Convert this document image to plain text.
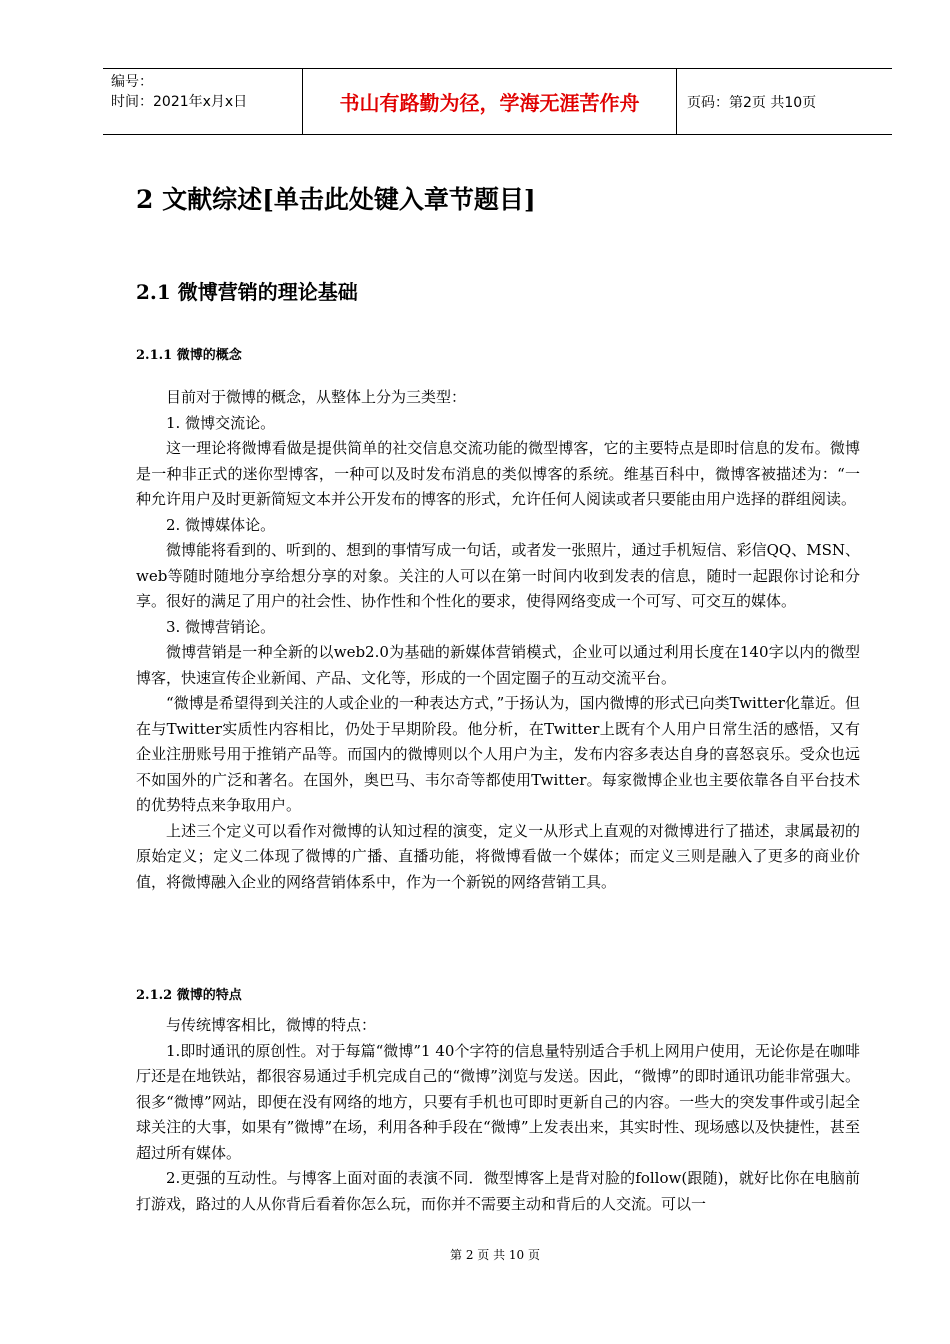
编号：
时间：2021年x月x日	书山有路勤为径，学海无涯苦作舟	页码：第2页 共10页
2 文献综述[单击此处键入章节题目]
2.1 微博营销的理论基础
2.1.1 微博的概念

目前对于微博的概念，从整体上分为三类型：

1. 微博交流论。

这一理论将微博看做是提供简单的社交信息交流功能的微型博客，它的主要特点是即时信息的发布。微博是一种非正式的迷你型博客，一种可以及时发布消息的类似博客的系统。维基百科中，微博客被描述为：“一种允许用户及时更新简短文本并公开发布的博客的形式，允许任何人阅读或者只要能由用户选择的群组阅读。

2. 微博媒体论。

微博能将看到的、听到的、想到的事情写成一句话，或者发一张照片，通过手机短信、彩信QQ、MSN、web等随时随地分享给想分享的对象。关注的人可以在第一时间内收到发表的信息，随时一起跟你讨论和分享。很好的满足了用户的社会性、协作性和个性化的要求，使得网络变成一个可写、可交互的媒体。

3. 微博营销论。

微博营销是一种全新的以web2.0为基础的新媒体营销模式，企业可以通过利用长度在140字以内的微型博客，快速宣传企业新闻、产品、文化等，形成的一个固定圈子的互动交流平台。

“微博是希望得到关注的人或企业的一种表达方式，”于扬认为，国内微博的形式已向类Twitter化靠近。但在与Twitter实质性内容相比，仍处于早期阶段。他分析，在Twitter上既有个人用户日常生活的感悟，又有企业注册账号用于推销产品等。而国内的微博则以个人用户为主，发布内容多表达自身的喜怒哀乐。受众也远不如国外的广泛和著名。在国外，奥巴马、韦尔奇等都使用Twitter。每家微博企业也主要依靠各自平台技术的优势特点来争取用户。

上述三个定义可以看作对微博的认知过程的演变，定义一从形式上直观的对微博进行了描述，隶属最初的原始定义；定义二体现了微博的广播、直播功能，将微博看做一个媒体；而定义三则是融入了更多的商业价值，将微博融入企业的网络营销体系中，作为一个新锐的网络营销工具。

2.1.2 微博的特点

与传统博客相比，微博的特点：

1.即时通讯的原创性。对于每篇“微博”1 40个字符的信息量特别适合手机上网用户使用，无论你是在咖啡厅还是在地铁站，都很容易通过手机完成自己的“微博”浏览与发送。因此，“微博”的即时通讯功能非常强大。很多“微博”网站，即便在没有网络的地方，只要有手机也可即时更新自己的内容。一些大的突发事件或引起全球关注的大事，如果有”微博”在场，利用各种手段在“微博”上发表出来，其实时性、现场感以及快捷性，甚至超过所有媒体。

2.更强的互动性。与博客上面对面的表演不同．微型博客上是背对脸的follow(跟随)，就好比你在电脑前打游戏，路过的人从你背后看着你怎么玩，而你并不需要主动和背后的人交流。可以一

第 2 页 共 10 页
